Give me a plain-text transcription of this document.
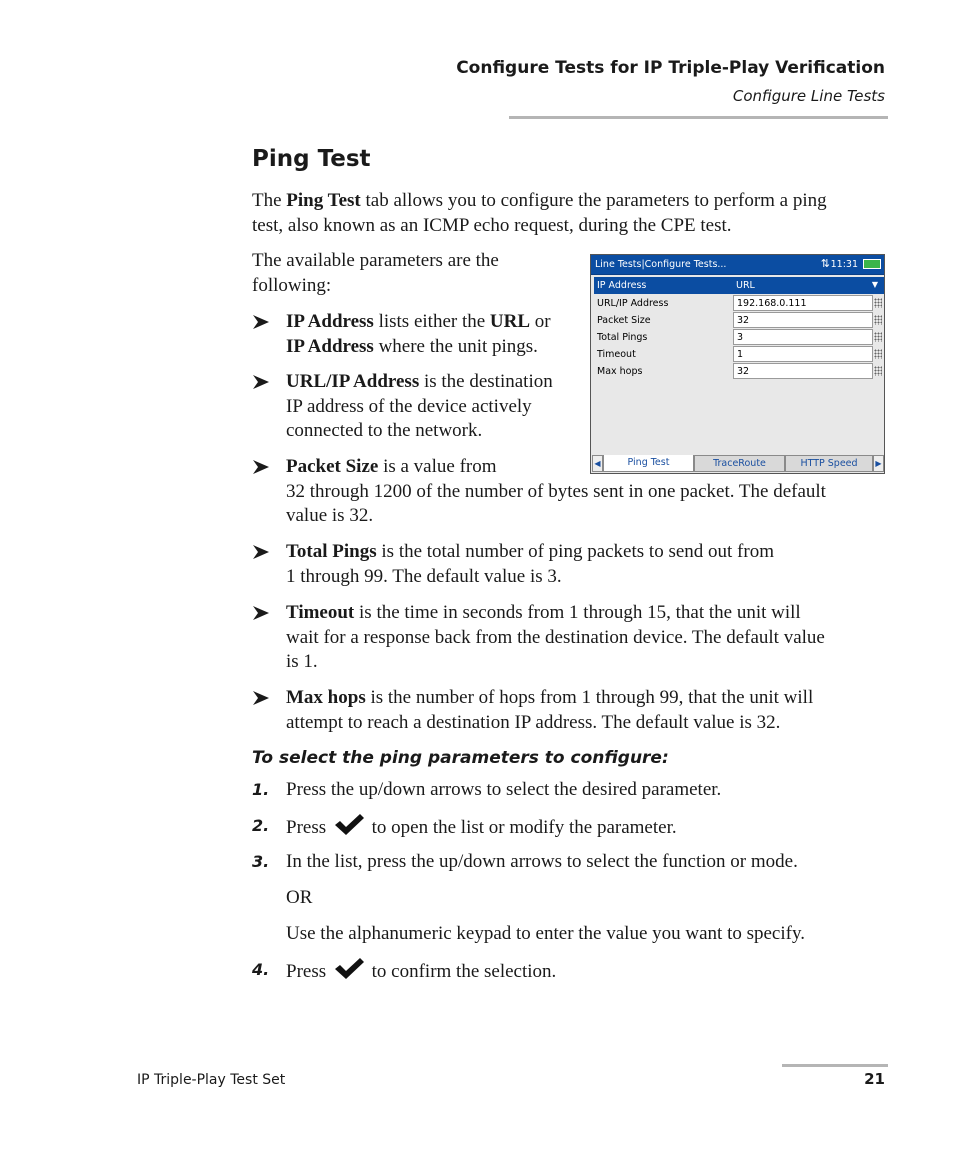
Configure Tests for IP Triple-Play Verification
Configure Line Tests
Ping Test
The Ping Test tab allows you to configure the parameters to perform a ping
test, also known as an ICMP echo request, during the CPE test.
The available parameters are the
following:
IP Address lists either the URL or
IP Address where the unit pings.
URL/IP Address is the destination
IP address of the device actively
connected to the network.
Packet Size is a value from
32 through 1200 of the number of bytes sent in one packet. The default
value is 32.
Total Pings is the total number of ping packets to send out from
1 through 99. The default value is 3.
Timeout is the time in seconds from 1 through 15, that the unit will
wait for a response back from the destination device. The default value
is 1.
Max hops is the number of hops from 1 through 99, that the unit will
attempt to reach a destination IP address. The default value is 32.
To select the ping parameters to configure:
1. Press the up/down arrows to select the desired parameter.
2. Press to open the list or modify the parameter.
3. In the list, press the up/down arrows to select the function or mode.
OR
Use the alphanumeric keypad to enter the value you want to specify.
4. Press to confirm the selection.
Line Tests|Configure Tests...	⇅ 11:31
IP Address	URL	▼
URL/IP Address	192.168.0.111
Packet Size	32
Total Pings	3
Timeout	1
Max hops	32
◀	Ping Test	TraceRoute	HTTP Speed	▶
IP Triple-Play Test Set	21
